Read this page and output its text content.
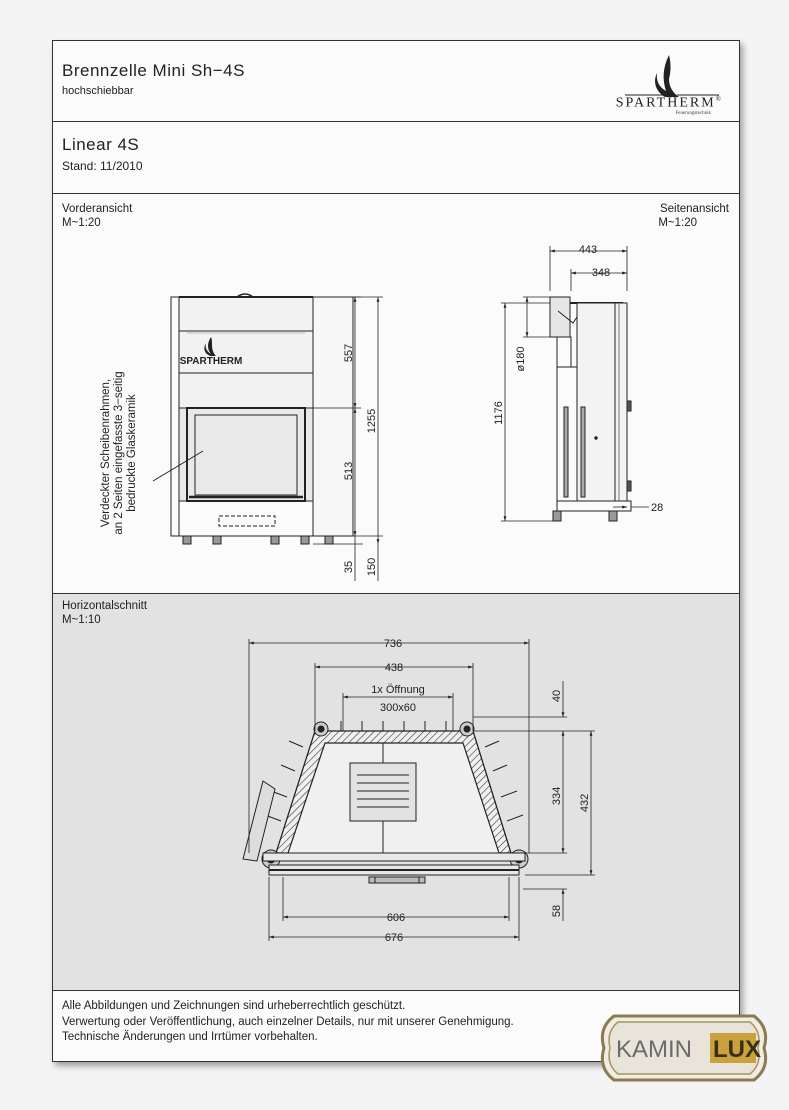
Brennzelle Mini Sh−4S
hochschiebbar
SPARTHERM®
Feuerungstechnik
Linear 4S
Stand: 11/2010
Vorderansicht
M~1:20
Seitenansicht
M~1:20
Horizontalschnitt
M~1:10
SPARTHERM
Verdeckter Scheibenrahmen, an 2 Seiten eingefasste 3−seitig bedruckte Glaskeramik
557
513
1255
35 150
443
348
ø180
1176
28
736
438
1x Öffnung
300x60
40
334 432
58
606
676
Alle Abbildungen und Zeichnungen sind urheberrechtlich geschützt.
Verwertung oder Veröffentlichung, auch einzelner Details, nur mit unserer Genehmigung.
Technische Änderungen und Irrtümer vorbehalten.	KAMIN LUX
